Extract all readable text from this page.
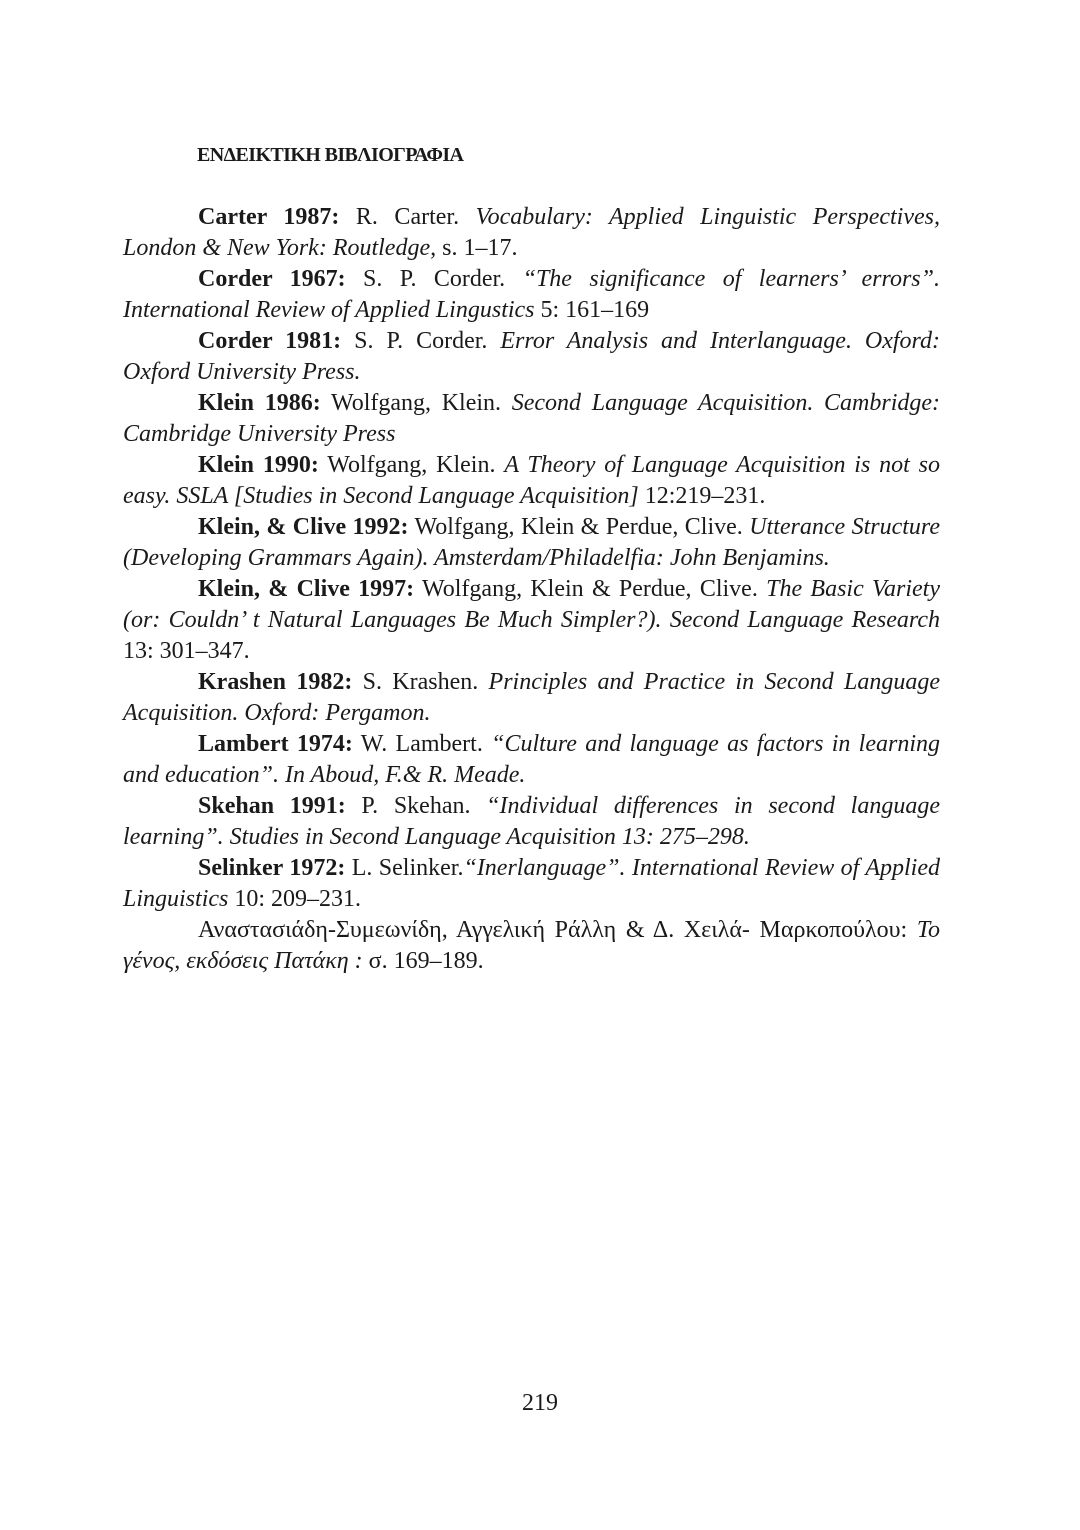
ΕΝΔΕΙΚΤΙΚΗ ΒΙΒΛΙΟΓΡΑΦΙΑ

Carter 1987: R. Carter. Vocabulary: Applied Linguistic Perspectives, London & New York: Routledge, s. 1–17.

Corder 1967: S. P. Corder. “The significance of learners’ errors”. International Review of Applied Lingustics 5: 161–169

Corder 1981: S. P. Corder. Error Analysis and Interlanguage. Oxford: Oxford University Press.

Klein 1986: Wolfgang, Klein. Second Language Acquisition. Cambridge: Cambridge University Press

Klein 1990: Wolfgang, Klein. A Theory of Language Acquisition is not so easy. SSLA [Studies in Second Language Acquisition] 12:219–231.

Klein, & Clive 1992: Wolfgang, Klein & Perdue, Clive. Utterance Structure (Developing Grammars Again). Amsterdam/Philadelfia: John Benjamins.

Klein, & Clive 1997: Wolfgang, Klein & Perdue, Clive. The Basic Variety (or: Couldn’ t Natural Languages Be Much Simpler?). Second Language Research 13: 301–347.

Krashen 1982: S. Krashen. Principles and Practice in Second Language Acquisition. Oxford: Pergamon.

Lambert 1974: W. Lambert. “Culture and language as factors in learning and education”. In Aboud, F.& R. Meade.

Skehan 1991: P. Skehan. “Individual differences in second language learning”. Studies in Second Language Acquisition 13: 275–298.

Selinker 1972: L. Selinker.“Inerlanguage”. International Review of Applied Linguistics 10: 209–231.

Αναστασιάδη-Συμεωνίδη, Αγγελική Ράλλη & Δ. Χειλά- Μαρκοπούλου: Το γένος, εκδόσεις Πατάκη : σ. 169–189.

219
